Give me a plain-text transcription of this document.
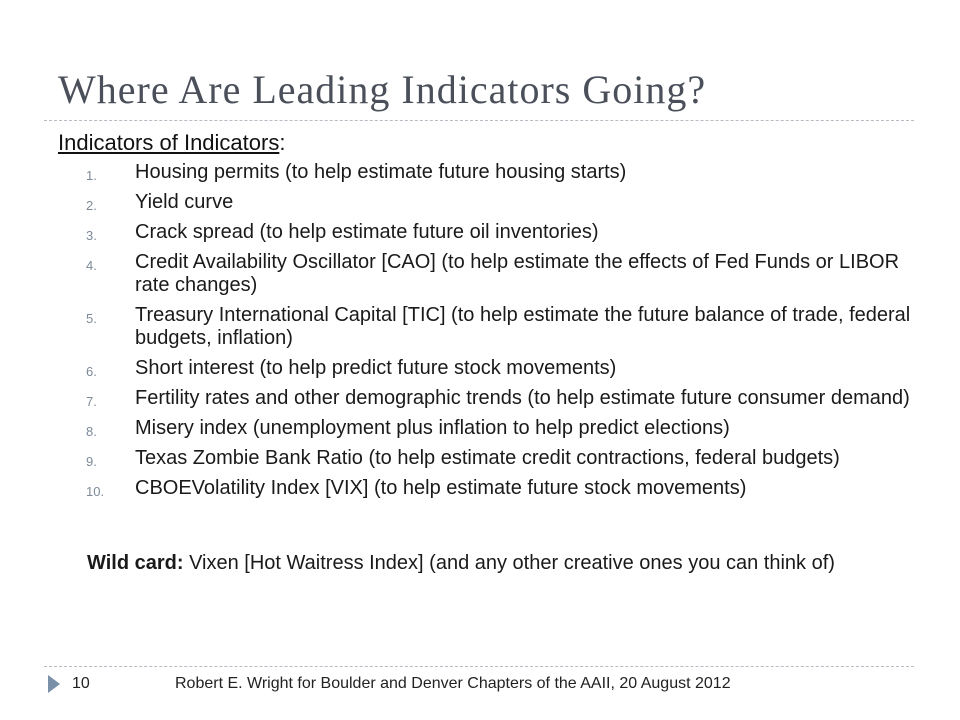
Where Are Leading Indicators Going?
Indicators of Indicators:
1. Housing permits (to help estimate future housing starts)
2. Yield curve
3. Crack spread (to help estimate future oil inventories)
4. Credit Availability Oscillator [CAO] (to help estimate the effects of Fed Funds or LIBOR rate changes)
5. Treasury International Capital [TIC] (to help estimate the future balance of trade, federal budgets, inflation)
6. Short interest (to help predict future stock movements)
7. Fertility rates and other demographic trends (to help estimate future consumer demand)
8. Misery index (unemployment plus inflation to help predict elections)
9. Texas Zombie Bank Ratio (to help estimate credit contractions, federal budgets)
10. CBOEVolatility Index [VIX] (to help estimate future stock movements)
Wild card: Vixen [Hot Waitress Index] (and any other creative ones you can think of)
10	Robert E. Wright for Boulder and Denver Chapters of the AAII, 20 August 2012
